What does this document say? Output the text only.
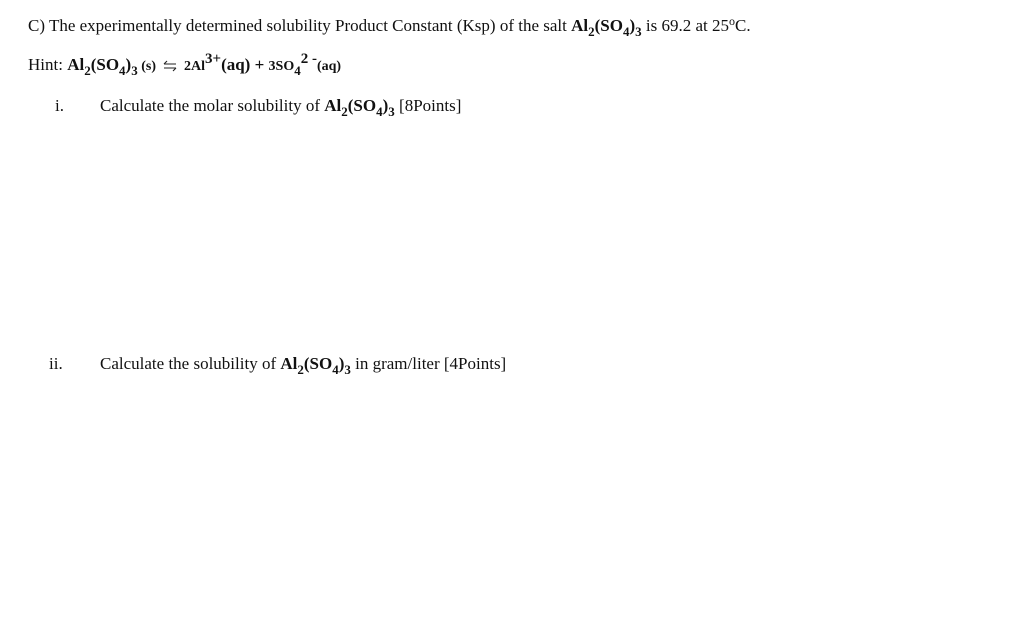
C) The experimentally determined solubility Product Constant (Ksp) of the salt $Al_2(SO_4)_3$ is 69.2 at 25$^o$C.
Hint: $Al_2(SO_4)_3$ (s) ⇌ $2Al3+(aq) + 3SO_42$ -(aq)
i. Calculate the molar solubility of $Al_2(SO_4)_3$ [8Points]
ii. Calculate the solubility of $Al_2(SO_4)_3$ in gram/liter [4Points]
